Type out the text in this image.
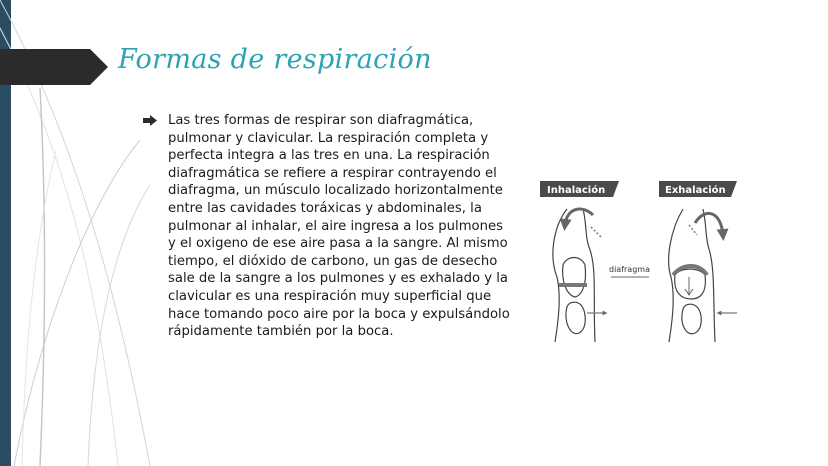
Formas de respiración

Las tres formas de respirar son diafragmática, pulmonar y clavicular. La respiración completa y perfecta integra a las tres en una. La respiración diafragmática se refiere a respirar contrayendo el diafragma, un músculo localizado horizontalmente entre las cavidades toráxicas y abdominales, la pulmonar al inhalar, el aire ingresa a los pulmones y el oxigeno de ese aire pasa a la sangre. Al mismo tiempo, el dióxido de carbono, un gas de desecho sale de la sangre a los pulmones y es exhalado y la clavicular es una respiración muy superficial que hace tomando poco aire por la boca y expulsándolo rápidamente también por la boca.

Inhalación	Exhalación
diafragma
